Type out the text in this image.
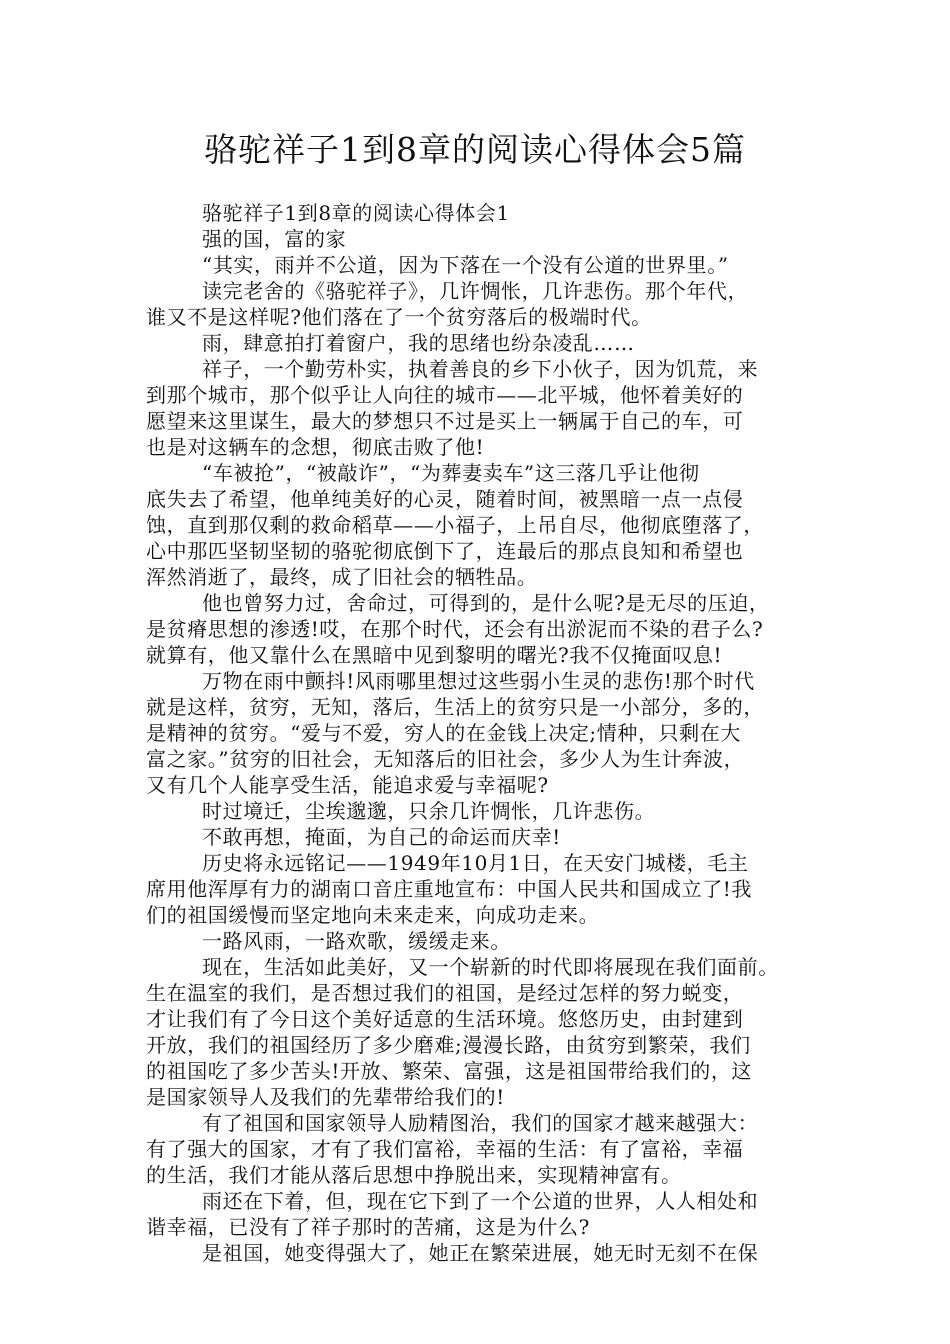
骆驼祥子1到8章的阅读心得体会5篇
骆驼祥子1到8章的阅读心得体会1
强的国，富的家
“其实，雨并不公道，因为下落在一个没有公道的世界里。”
读完老舍的《骆驼祥子》，几许惆怅，几许悲伤。那个年代，
谁又不是这样呢?他们落在了一个贫穷落后的极端时代。
雨，肆意拍打着窗户，我的思绪也纷杂凌乱……
祥子，一个勤劳朴实，执着善良的乡下小伙子，因为饥荒，来
到那个城市，那个似乎让人向往的城市——北平城，他怀着美好的
愿望来这里谋生，最大的梦想只不过是买上一辆属于自己的车，可
也是对这辆车的念想，彻底击败了他!
“车被抢”，“被敲诈”，“为葬妻卖车”这三落几乎让他彻
底失去了希望，他单纯美好的心灵，随着时间，被黑暗一点一点侵
蚀，直到那仅剩的救命稻草——小福子，上吊自尽，他彻底堕落了，
心中那匹坚韧坚韧的骆驼彻底倒下了，连最后的那点良知和希望也
浑然消逝了，最终，成了旧社会的牺牲品。
他也曾努力过，舍命过，可得到的，是什么呢?是无尽的压迫，
是贫瘠思想的渗透!哎，在那个时代，还会有出淤泥而不染的君子么?
就算有，他又靠什么在黑暗中见到黎明的曙光?我不仅掩面叹息!
万物在雨中颤抖!风雨哪里想过这些弱小生灵的悲伤!那个时代
就是这样，贫穷，无知，落后，生活上的贫穷只是一小部分，多的，
是精神的贫穷。“爱与不爱，穷人的在金钱上决定;情种，只剩在大
富之家。”贫穷的旧社会，无知落后的旧社会，多少人为生计奔波，
又有几个人能享受生活，能追求爱与幸福呢?
时过境迁，尘埃邈邈，只余几许惆怅，几许悲伤。
不敢再想，掩面，为自己的命运而庆幸!
历史将永远铭记——1949年10月1日，在天安门城楼，毛主
席用他浑厚有力的湖南口音庄重地宣布：中国人民共和国成立了!我
们的祖国缓慢而坚定地向未来走来，向成功走来。
一路风雨，一路欢歌，缓缓走来。
现在，生活如此美好，又一个崭新的时代即将展现在我们面前。
生在温室的我们，是否想过我们的祖国，是经过怎样的努力蜕变，
才让我们有了今日这个美好适意的生活环境。悠悠历史，由封建到
开放，我们的祖国经历了多少磨难;漫漫长路，由贫穷到繁荣，我们
的祖国吃了多少苦头!开放、繁荣、富强，这是祖国带给我们的，这
是国家领导人及我们的先辈带给我们的!
有了祖国和国家领导人励精图治，我们的国家才越来越强大：
有了强大的国家，才有了我们富裕，幸福的生活：有了富裕，幸福
的生活，我们才能从落后思想中挣脱出来，实现精神富有。
雨还在下着，但，现在它下到了一个公道的世界，人人相处和
谐幸福，已没有了祥子那时的苦痛，这是为什么?
是祖国，她变得强大了，她正在繁荣进展，她无时无刻不在保
